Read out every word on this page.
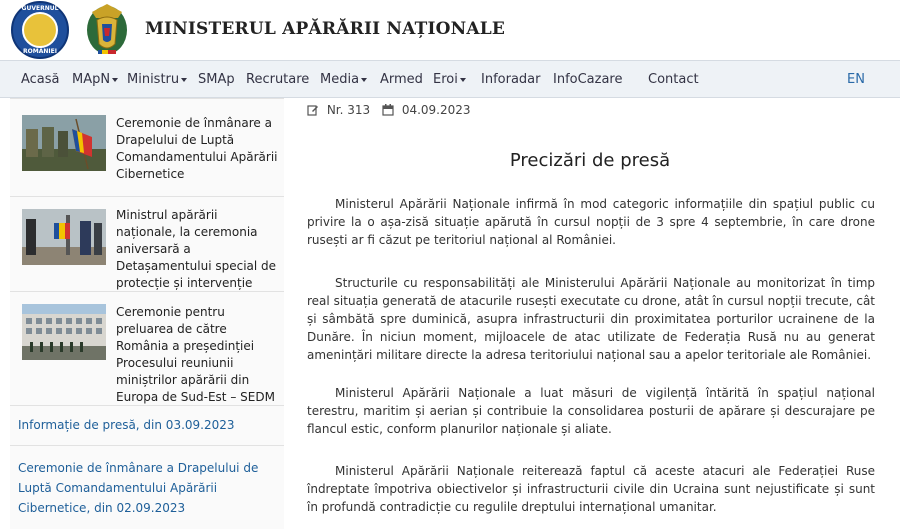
GUVERNUL
ROMÂNIEI
MINISTERUL APĂRĂRII NAȚIONALE
Acasă MApN	Ministru	SMAp Recrutare Media	Armed Eroi	Inforadar InfoCazare Contact	EN
Ceremonie de înmânare a Drapelului de Luptă Comandamentului Apărării Cibernetice
Ministrul apărării naționale, la ceremonia aniversară a Detașamentului special de protecție și intervenție
Ceremonie pentru preluarea de către România a președinției Procesului reuniunii miniștrilor apărării din Europa de Sud-Est – SEDM
Informație de presă, din 03.09.2023
Ceremonie de înmânare a Drapelului de Luptă Comandamentului Apărării Cibernetice, din 02.09.2023
Nr. 313	04.09.2023
Precizări de presă

Ministerul Apărării Naționale infirmă în mod categoric informațiile din spațiul public cu privire la o așa-zisă situație apărută în cursul nopții de 3 spre 4 septembrie, în care drone rusești ar fi căzut pe teritoriul național al României.

Structurile cu responsabilități ale Ministerului Apărării Naționale au monitorizat în timp real situația generată de atacurile rusești executate cu drone, atât în cursul nopții trecute, cât și sâmbătă spre duminică, asupra infrastructurii din proximitatea porturilor ucrainene de la Dunăre. În niciun moment, mijloacele de atac utilizate de Federația Rusă nu au generat amenințări militare directe la adresa teritoriului național sau a apelor teritoriale ale României.

Ministerul Apărării Naționale a luat măsuri de vigilență întărită în spațiul național terestru, maritim și aerian și contribuie la consolidarea posturii de apărare și descurajare pe flancul estic, conform planurilor naționale și aliate.

Ministerul Apărării Naționale reiterează faptul că aceste atacuri ale Federației Ruse îndreptate împotriva obiectivelor și infrastructurii civile din Ucraina sunt nejustificate și sunt în profundă contradicție cu regulile dreptului internațional umanitar.
